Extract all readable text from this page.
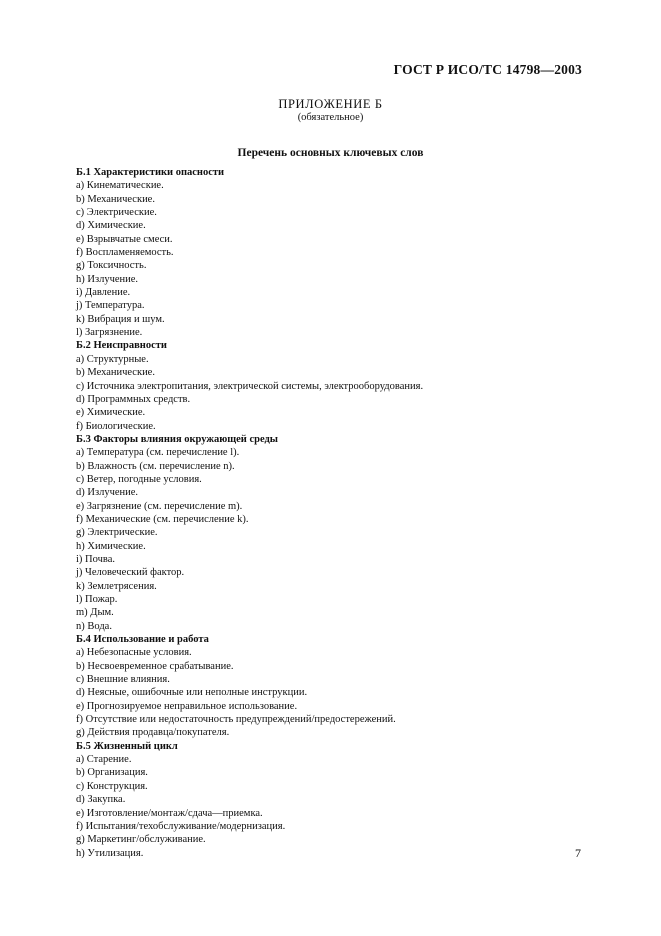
ГОСТ Р ИСО/ТС 14798—2003
ПРИЛОЖЕНИЕ Б
(обязательное)
Перечень основных ключевых слов
Б.1 Характеристики опасности
a) Кинематические.
b) Механические.
c) Электрические.
d) Химические.
e) Взрывчатые смеси.
f) Воспламеняемость.
g) Токсичность.
h) Излучение.
i) Давление.
j) Температура.
k) Вибрация и шум.
l) Загрязнение.
Б.2 Неисправности
a) Структурные.
b) Механические.
c) Источника электропитания, электрической системы, электрооборудования.
d) Программных средств.
e) Химические.
f) Биологические.
Б.3 Факторы влияния окружающей среды
a) Температура (см. перечисление l).
b) Влажность (см. перечисление n).
c) Ветер, погодные условия.
d) Излучение.
e) Загрязнение (см. перечисление m).
f) Механические (см. перечисление k).
g) Электрические.
h) Химические.
i) Почва.
j) Человеческий фактор.
k) Землетрясения.
l) Пожар.
m) Дым.
n) Вода.
Б.4 Использование и работа
a) Небезопасные условия.
b) Несвоевременное срабатывание.
c) Внешние влияния.
d) Неясные, ошибочные или неполные инструкции.
e) Прогнозируемое неправильное использование.
f) Отсутствие или недостаточность предупреждений/предостережений.
g) Действия продавца/покупателя.
Б.5 Жизненный цикл
a) Старение.
b) Организация.
c) Конструкция.
d) Закупка.
e) Изготовление/монтаж/сдача—приемка.
f) Испытания/техобслуживание/модернизация.
g) Маркетинг/обслуживание.
h) Утилизация.	7
